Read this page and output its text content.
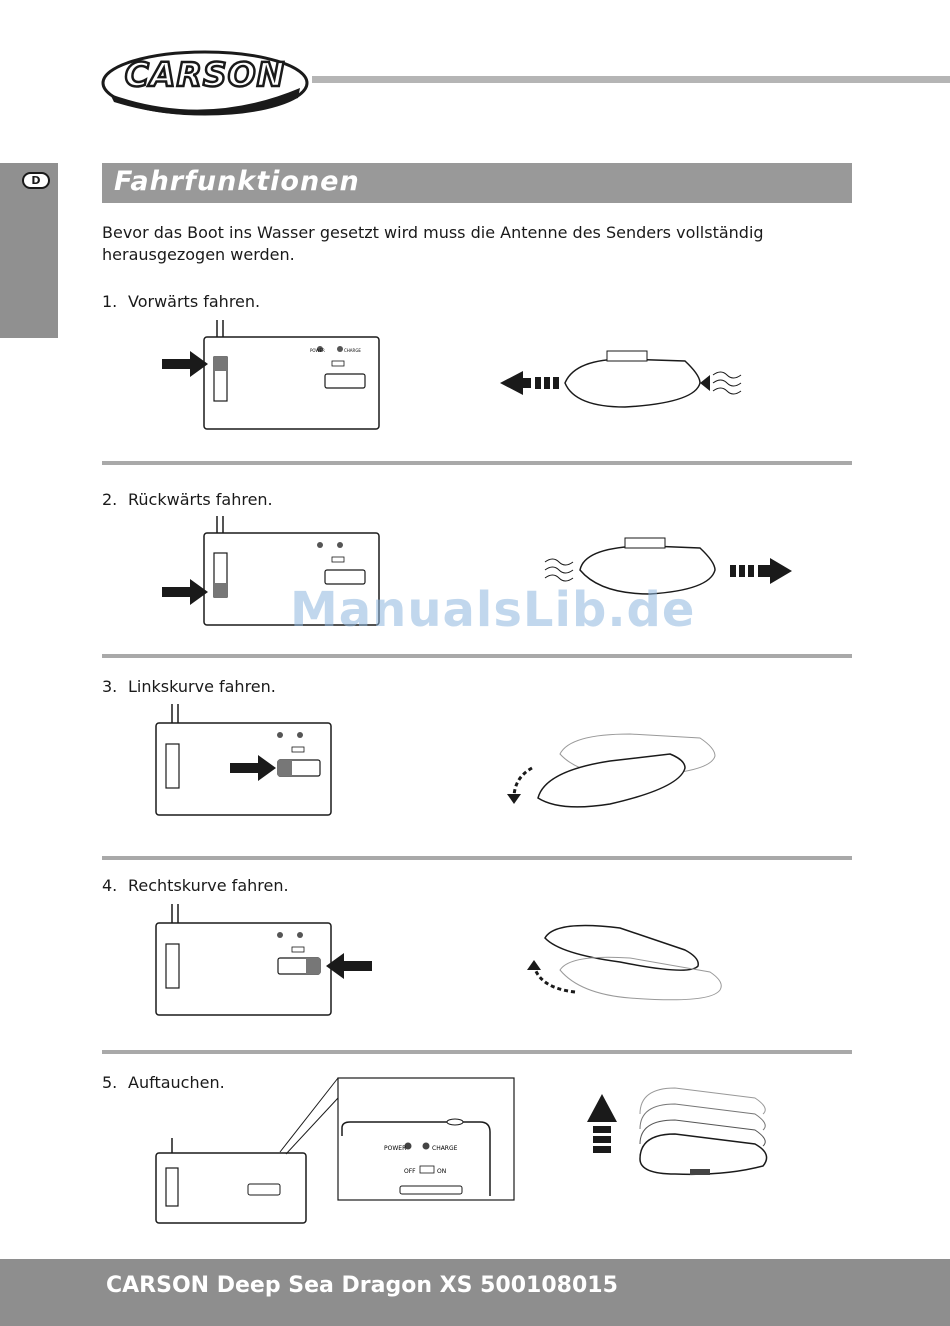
CARSON
MODEL SPORT
D	Fahrfunktionen
Bevor das Boot ins Wasser gesetzt wird muss die Antenne des Senders vollständig herausgezogen werden.
1. Vorwärts fahren.
2. Rückwärts fahren.
3. Linkskurve fahren.
4. Rechtskurve fahren.
5. Auftauchen.
POWER	CHARGE
POWER	CHARGE
OFF	ON
ManualsLib.de
CARSON Deep Sea Dragon XS 500108015
